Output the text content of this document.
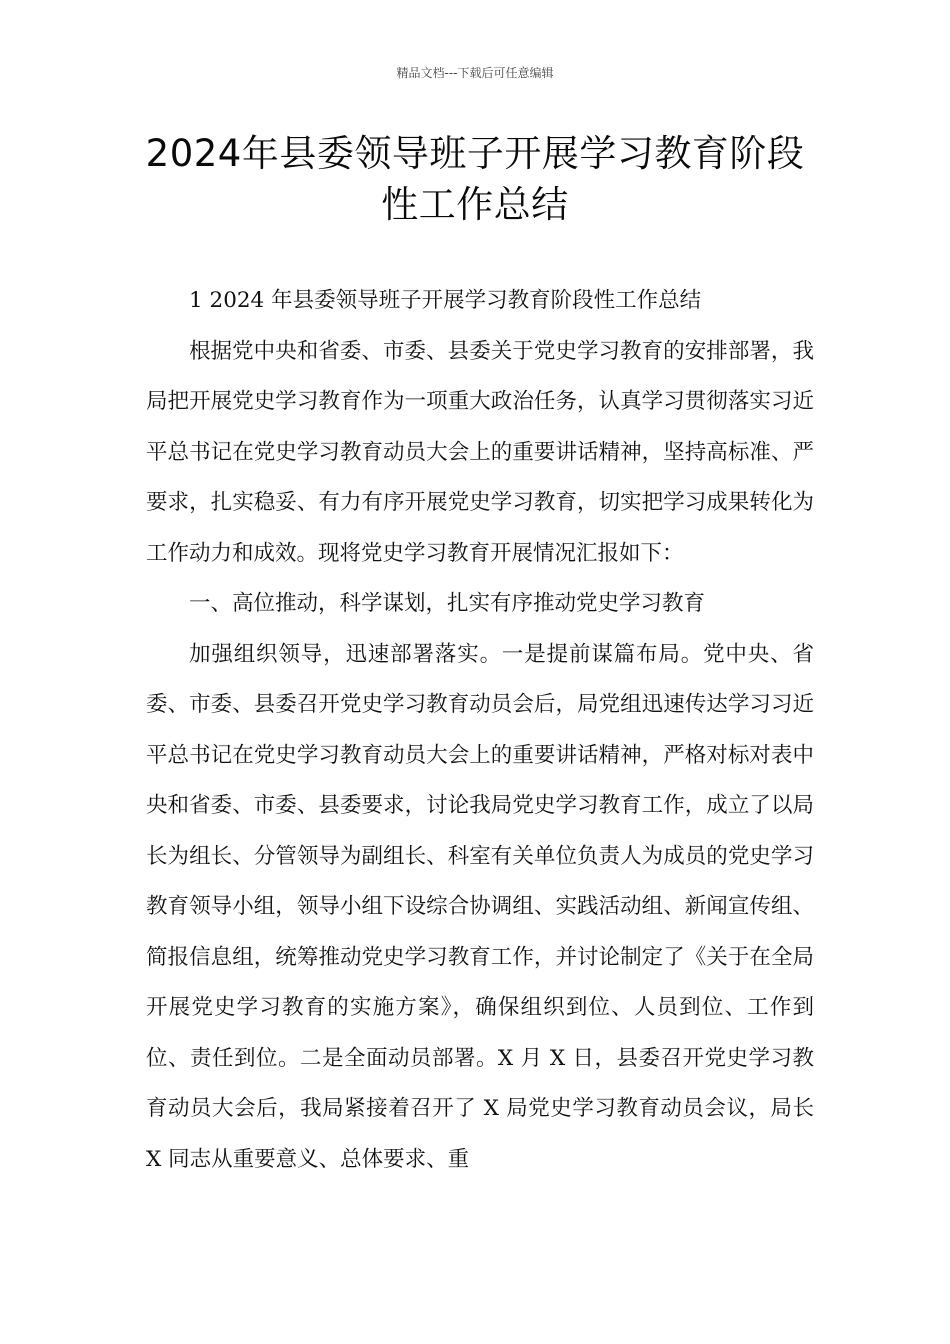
精品文档---下载后可任意编辑
2024年县委领导班子开展学习教育阶段
性工作总结

1 2024 年县委领导班子开展学习教育阶段性工作总结

根据党中央和省委、市委、县委关于党史学习教育的安排部署，我局把开展党史学习教育作为一项重大政治任务，认真学习贯彻落实习近平总书记在党史学习教育动员大会上的重要讲话精神，坚持高标准、严要求，扎实稳妥、有力有序开展党史学习教育，切实把学习成果转化为工作动力和成效。现将党史学习教育开展情况汇报如下：

一、高位推动，科学谋划，扎实有序推动党史学习教育

加强组织领导，迅速部署落实。一是提前谋篇布局。党中央、省委、市委、县委召开党史学习教育动员会后，局党组迅速传达学习习近平总书记在党史学习教育动员大会上的重要讲话精神，严格对标对表中央和省委、市委、县委要求，讨论我局党史学习教育工作，成立了以局长为组长、分管领导为副组长、科室有关单位负责人为成员的党史学习教育领导小组，领导小组下设综合协调组、实践活动组、新闻宣传组、简报信息组，统筹推动党史学习教育工作，并讨论制定了《关于在全局开展党史学习教育的实施方案》，确保组织到位、人员到位、工作到位、责任到位。二是全面动员部署。X 月 X 日，县委召开党史学习教育动员大会后，我局紧接着召开了 X 局党史学习教育动员会议，局长 X 同志从重要意义、总体要求、重
